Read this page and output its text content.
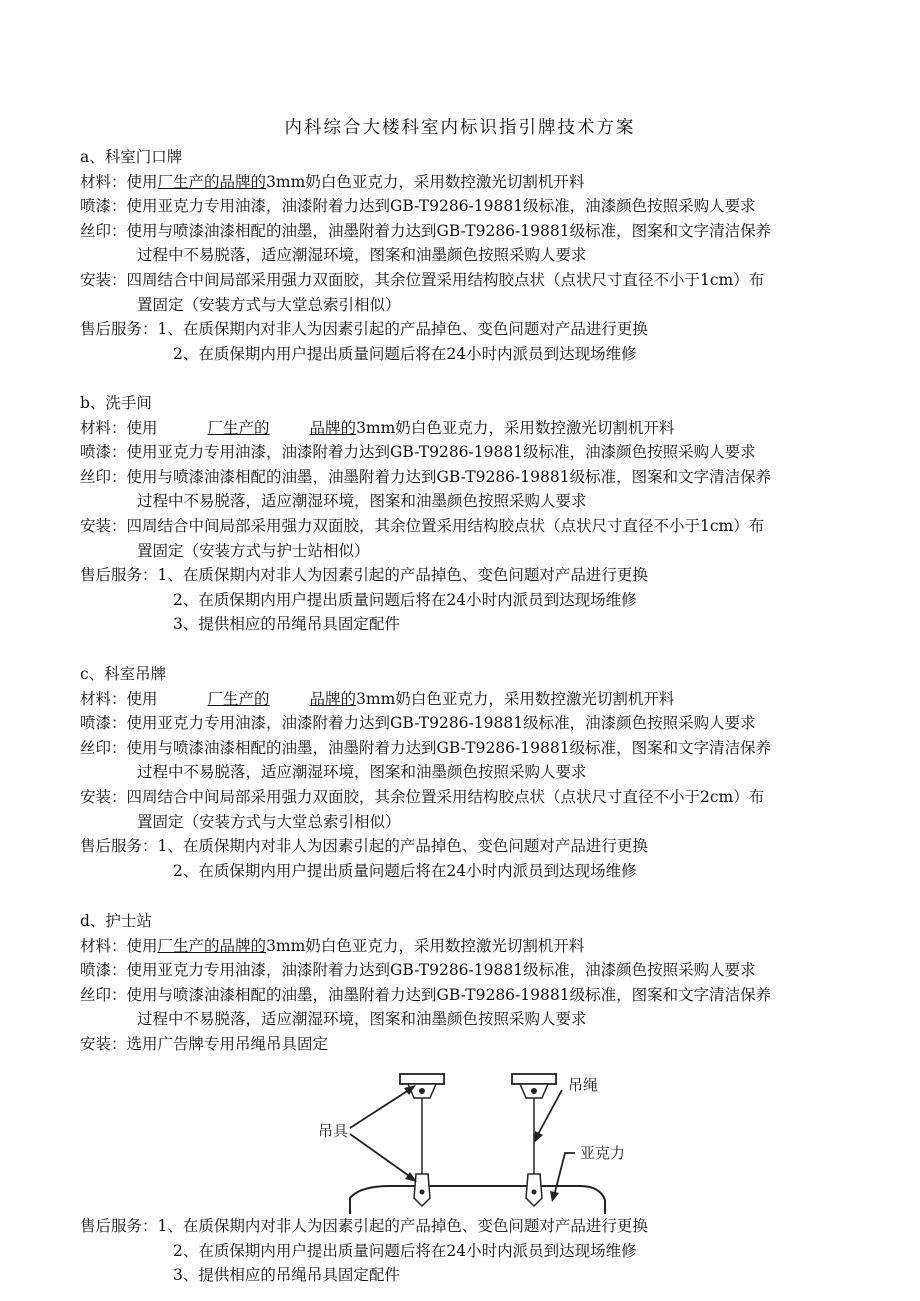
内科综合大楼科室内标识指引牌技术方案
a、科室门口牌
材料：使用厂生产的品牌的3mm奶白色亚克力，采用数控激光切割机开料
喷漆：使用亚克力专用油漆，油漆附着力达到GB-T9286-19881级标准，油漆颜色按照采购人要求
丝印：使用与喷漆油漆相配的油墨，油墨附着力达到GB-T9286-19881级标准，图案和文字清洁保养
过程中不易脱落，适应潮湿环境，图案和油墨颜色按照采购人要求
安装：四周结合中间局部采用强力双面胶，其余位置采用结构胶点状（点状尺寸直径不小于1cm）布
置固定（安装方式与大堂总索引相似）
售后服务：1、在质保期内对非人为因素引起的产品掉色、变色问题对产品进行更换
2、在质保期内用户提出质量问题后将在24小时内派员到达现场维修
b、洗手间
材料：使用	厂生产的	品牌的3mm奶白色亚克力，采用数控激光切割机开料
喷漆：使用亚克力专用油漆，油漆附着力达到GB-T9286-19881级标准，油漆颜色按照采购人要求
丝印：使用与喷漆油漆相配的油墨，油墨附着力达到GB-T9286-19881级标准，图案和文字清洁保养
过程中不易脱落，适应潮湿环境，图案和油墨颜色按照采购人要求
安装：四周结合中间局部采用强力双面胶，其余位置采用结构胶点状（点状尺寸直径不小于1cm）布
置固定（安装方式与护士站相似）
售后服务：1、在质保期内对非人为因素引起的产品掉色、变色问题对产品进行更换
2、在质保期内用户提出质量问题后将在24小时内派员到达现场维修
3、提供相应的吊绳吊具固定配件
c、科室吊牌
材料：使用	厂生产的	品牌的3mm奶白色亚克力，采用数控激光切割机开料
喷漆：使用亚克力专用油漆，油漆附着力达到GB-T9286-19881级标准，油漆颜色按照采购人要求
丝印：使用与喷漆油漆相配的油墨，油墨附着力达到GB-T9286-19881级标准，图案和文字清洁保养
过程中不易脱落，适应潮湿环境，图案和油墨颜色按照采购人要求
安装：四周结合中间局部采用强力双面胶，其余位置采用结构胶点状（点状尺寸直径不小于2cm）布
置固定（安装方式与大堂总索引相似）
售后服务：1、在质保期内对非人为因素引起的产品掉色、变色问题对产品进行更换
2、在质保期内用户提出质量问题后将在24小时内派员到达现场维修
d、护士站
材料：使用厂生产的品牌的3mm奶白色亚克力，采用数控激光切割机开料
喷漆：使用亚克力专用油漆，油漆附着力达到GB-T9286-19881级标准，油漆颜色按照采购人要求
丝印：使用与喷漆油漆相配的油墨，油墨附着力达到GB-T9286-19881级标准，图案和文字清洁保养
过程中不易脱落，适应潮湿环境，图案和油墨颜色按照采购人要求
安装：选用广告牌专用吊绳吊具固定
吊具
吊绳
亚克力
售后服务：1、在质保期内对非人为因素引起的产品掉色、变色问题对产品进行更换
2、在质保期内用户提出质量问题后将在24小时内派员到达现场维修
3、提供相应的吊绳吊具固定配件
